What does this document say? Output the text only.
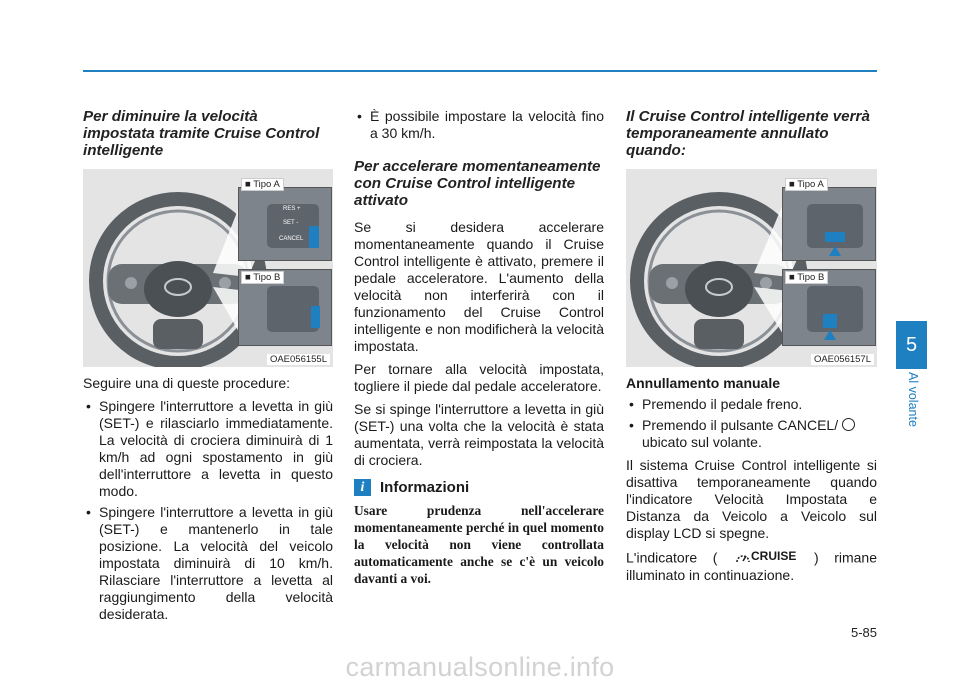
Per diminuire la velocità impostata tramite Cruise Control intelligente
RES +
SET -
CANCEL
■ Tipo A
■ Tipo B
OAE056155L

Seguire una di queste procedure:

• Spingere l'interruttore a levetta in giù (SET-) e rilasciarlo immediatamente. La velocità di crociera diminuirà di 1 km/h ad ogni spostamento in giù dell'interruttore a levetta in questo modo.
• Spingere l'interruttore a levetta in giù (SET-) e mantenerlo in tale posizione. La velocità del veicolo impostata diminuirà di 10 km/h. Rilasciare l'interruttore a levetta al raggiungimento della velocità desiderata.
• È possibile impostare la velocità fino a 30 km/h.
Per accelerare momentaneamente con Cruise Control intelligente attivato

Se si desidera accelerare momentaneamente quando il Cruise Control intelligente è attivato, premere il pedale acceleratore. L'aumento della velocità non interferirà con il funzionamento del Cruise Control intelligente e non modificherà la velocità impostata.

Per tornare alla velocità impostata, togliere il piede dal pedale acceleratore.

Se si spinge l'interruttore a levetta in giù (SET-) una volta che la velocità è stata aumentata, verrà reimpostata la velocità di crociera.

i	Informazioni

Usare prudenza nell'accelerare momentaneamente perché in quel momento la velocità non viene controllata automaticamente anche se c'è un veicolo davanti a voi.

Il Cruise Control intelligente verrà temporaneamente annullato quando:
■ Tipo A
■ Tipo B
OAE056157L
Annullamento manuale
• Premendo il pedale freno.
• Premendo il pulsante CANCEL/
ubicato sul volante.

Il sistema Cruise Control intelligente si disattiva temporaneamente quando l'indicatore Velocità Impostata e Distanza da Veicolo a Veicolo sul display LCD si spegne.

L'indicatore (	CRUISE ) rimane illuminato in continuazione.

5
Al volante
5-85
carmanualsonline.info
